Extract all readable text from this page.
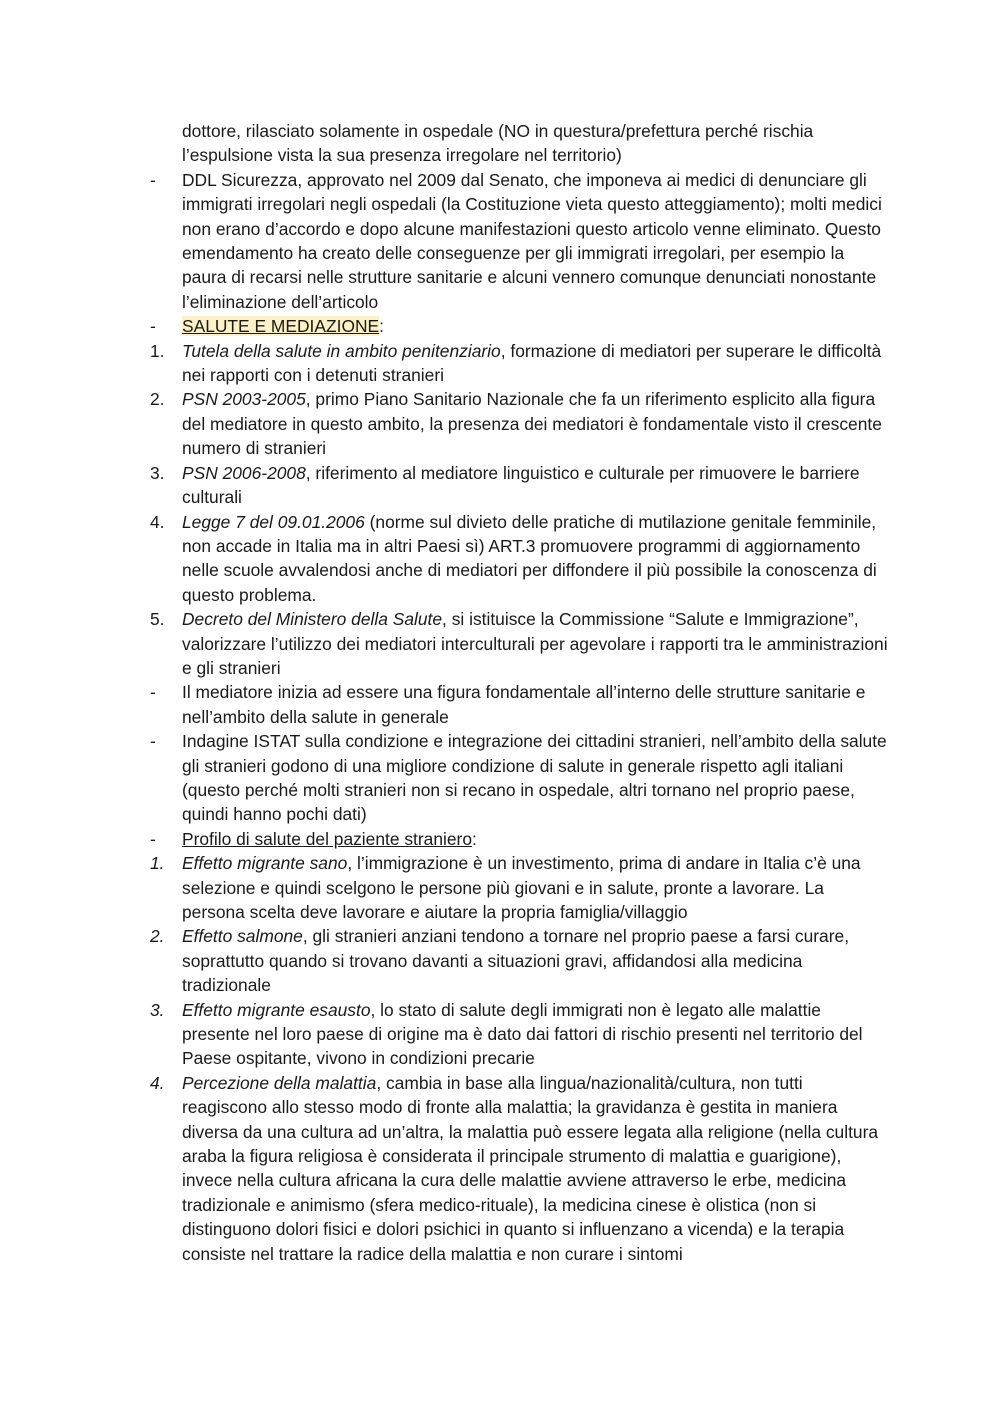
dottore, rilasciato solamente in ospedale (NO in questura/prefettura perché rischia l’espulsione vista la sua presenza irregolare nel territorio)
-	DDL Sicurezza, approvato nel 2009 dal Senato, che imponeva ai medici di denunciare gli immigrati irregolari negli ospedali (la Costituzione vieta questo atteggiamento); molti medici non erano d’accordo e dopo alcune manifestazioni questo articolo venne eliminato. Questo emendamento ha creato delle conseguenze per gli immigrati irregolari, per esempio la paura di recarsi nelle strutture sanitarie e alcuni vennero comunque denunciati nonostante l’eliminazione dell’articolo
-	SALUTE E MEDIAZIONE:
1.	Tutela della salute in ambito penitenziario, formazione di mediatori per superare le difficoltà nei rapporti con i detenuti stranieri
2.	PSN 2003-2005, primo Piano Sanitario Nazionale che fa un riferimento esplicito alla figura del mediatore in questo ambito, la presenza dei mediatori è fondamentale visto il crescente numero di stranieri
3.	PSN 2006-2008, riferimento al mediatore linguistico e culturale per rimuovere le barriere culturali
4.	Legge 7 del 09.01.2006 (norme sul divieto delle pratiche di mutilazione genitale femminile, non accade in Italia ma in altri Paesi sì) ART.3 promuovere programmi di aggiornamento nelle scuole avvalendosi anche di mediatori per diffondere il più possibile la conoscenza di questo problema.
5.	Decreto del Ministero della Salute, si istituisce la Commissione “Salute e Immigrazione”, valorizzare l’utilizzo dei mediatori interculturali per agevolare i rapporti tra le amministrazioni e gli stranieri
-	Il mediatore inizia ad essere una figura fondamentale all’interno delle strutture sanitarie e nell’ambito della salute in generale
-	Indagine ISTAT sulla condizione e integrazione dei cittadini stranieri, nell’ambito della salute gli stranieri godono di una migliore condizione di salute in generale rispetto agli italiani (questo perché molti stranieri non si recano in ospedale, altri tornano nel proprio paese, quindi hanno pochi dati)
-	Profilo di salute del paziente straniero:
1.	Effetto migrante sano, l’immigrazione è un investimento, prima di andare in Italia c’è una selezione e quindi scelgono le persone più giovani e in salute, pronte a lavorare. La persona scelta deve lavorare e aiutare la propria famiglia/villaggio
2.	Effetto salmone, gli stranieri anziani tendono a tornare nel proprio paese a farsi curare, soprattutto quando si trovano davanti a situazioni gravi, affidandosi alla medicina tradizionale
3.	Effetto migrante esausto, lo stato di salute degli immigrati non è legato alle malattie presente nel loro paese di origine ma è dato dai fattori di rischio presenti nel territorio del Paese ospitante, vivono in condizioni precarie
4.	Percezione della malattia, cambia in base alla lingua/nazionalità/cultura, non tutti reagiscono allo stesso modo di fronte alla malattia; la gravidanza è gestita in maniera diversa da una cultura ad un’altra, la malattia può essere legata alla religione (nella cultura araba la figura religiosa è considerata il principale strumento di malattia e guarigione), invece nella cultura africana la cura delle malattie avviene attraverso le erbe, medicina tradizionale e animismo (sfera medico-rituale), la medicina cinese è olistica (non si distinguono dolori fisici e dolori psichici in quanto si influenzano a vicenda) e la terapia consiste nel trattare la radice della malattia e non curare i sintomi
